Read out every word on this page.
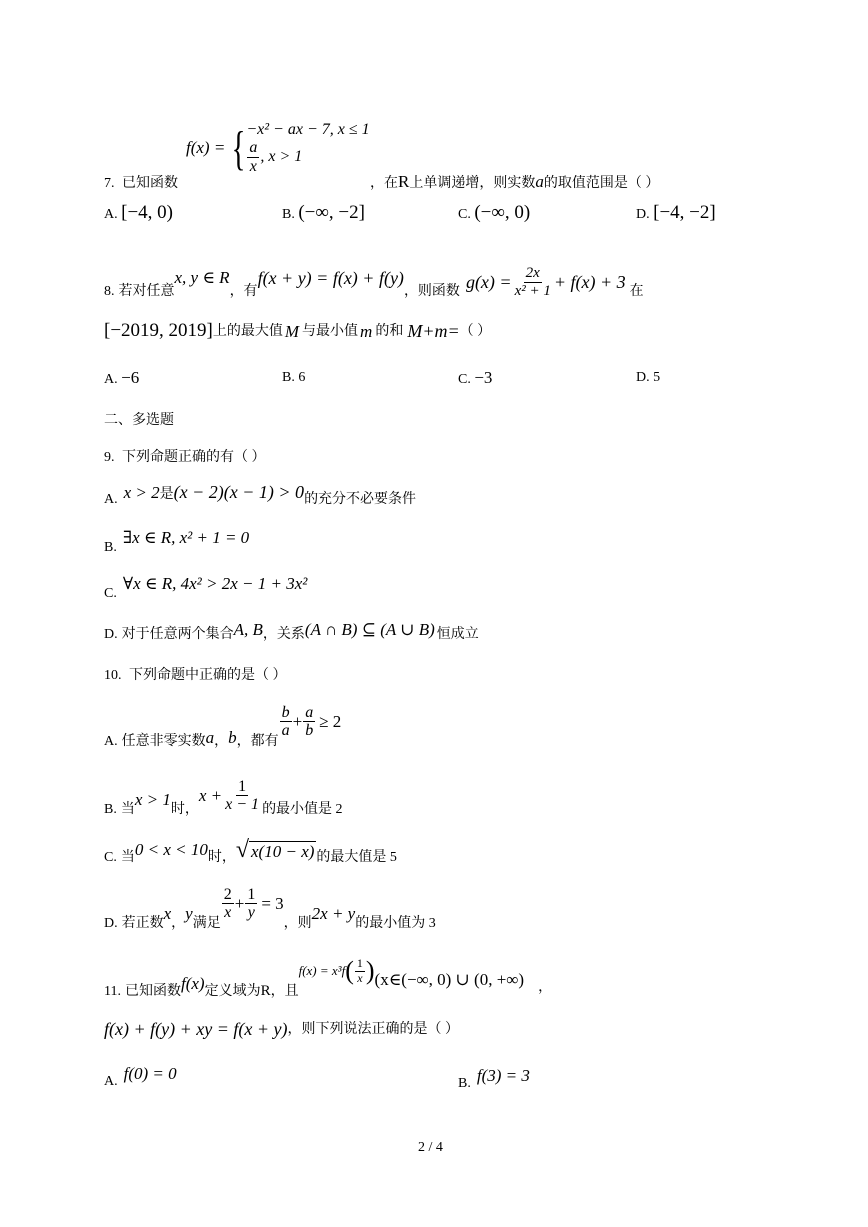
f(x) = { −x² − ax − 7, x ≤ 1
$\frac{a}{x}$ , x > 1
7. 已知函数	，在R上单调递增，则实数a的取值范围是（ ）
A. [−4, 0)	B. (−∞, −2]	C. (−∞, 0)	D. [−4, −2]
8. 若对任意
x, y ∈ R
，有
f(x + y) = f(x) + f(y)
，则函数 $g(x) = \frac{2x}{\text{x² + 1}} + f(x) + 3$ 在
[−2019, 2019] 上的最大值 M 与最小值 m 的和 M+m= （ ）
A. −6	B. 6	C. −3	D. 5
二、多选题
9. 下列命题正确的有（ ）
A. x > 2 是 (x − 2)(x − 1) > 0 的充分不必要条件
B.
∃x ∈ R, x² + 1 = 0
C.
∀x ∈ R, 4x² > 2x − 1 + 3x²
D. 对于任意两个集合 A, B ，关系 (A ∩ B) ⊆ (A ∪ B) 恒成立
10. 下列命题中正确的是（ ）
A. 任意非零实数 a ， b ，都有
$\frac{b}{a} + \frac{a}{b} \ge 2$
B. 当
x > 1
时，
$x + \frac{1}{x - 1}$ 的最小值是 2
C. 当 0 < x < 10 时， √ x(10 − x) 的最大值是 5
D. 若正数
x
，
y
满足
$\frac{2}{x} + \frac{1}{y} = 3$
，则
2x + y
的最小值为 3
11. 已知函数 f(x) 定义域为 R ，且
f(x) = x³f ( $\frac{1}{x}$ ) (x∈(−∞, 0) ∪ (0, +∞) ，
f(x) + f(y) + xy = f(x + y) ，则下列说法正确的是（ ）
A. f(0) = 0
B. f(3) = 3
2 / 4
